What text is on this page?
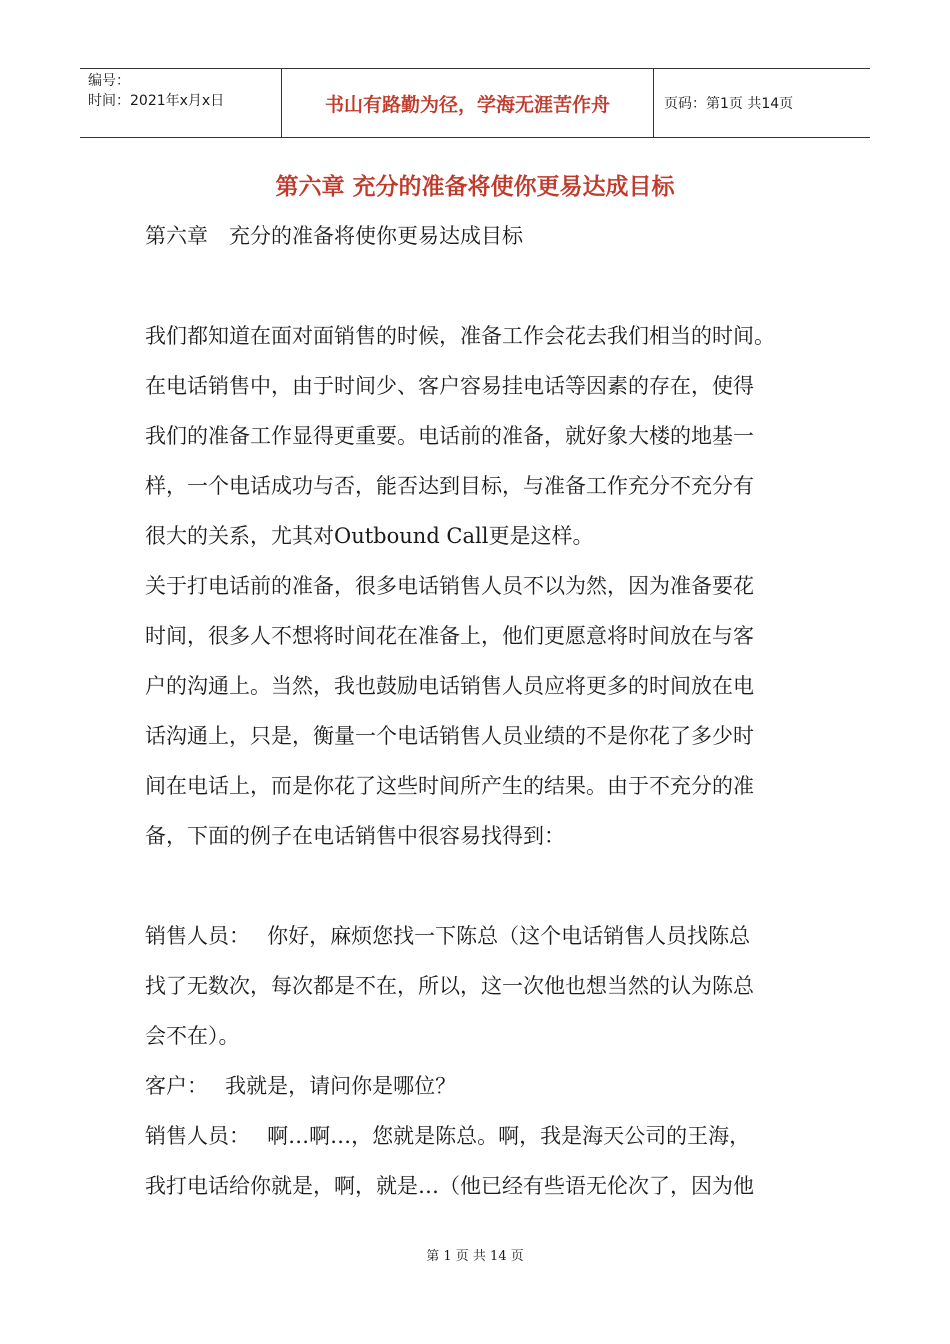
编号：
时间：2021年x月x日	书山有路勤为径，学海无涯苦作舟	页码：第1页 共14页
第六章 充分的准备将使你更易达成目标
第六章　充分的准备将使你更易达成目标
我们都知道在面对面销售的时候，准备工作会花去我们相当的时间。
在电话销售中，由于时间少、客户容易挂电话等因素的存在，使得
我们的准备工作显得更重要。电话前的准备，就好象大楼的地基一
样，一个电话成功与否，能否达到目标，与准备工作充分不充分有
很大的关系，尤其对Outbound Call更是这样。
关于打电话前的准备，很多电话销售人员不以为然，因为准备要花
时间，很多人不想将时间花在准备上，他们更愿意将时间放在与客
户的沟通上。当然，我也鼓励电话销售人员应将更多的时间放在电
话沟通上，只是，衡量一个电话销售人员业绩的不是你花了多少时
间在电话上，而是你花了这些时间所产生的结果。由于不充分的准
备，下面的例子在电话销售中很容易找得到：
销售人员：　 你好，麻烦您找一下陈总（这个电话销售人员找陈总
找了无数次，每次都是不在，所以，这一次他也想当然的认为陈总
会不在）。
客户：　 我就是，请问你是哪位？
销售人员：　 啊…啊…，您就是陈总。啊，我是海天公司的王海，
我打电话给你就是，啊，就是…（他已经有些语无伦次了，因为他
第 1 页 共 14 页
